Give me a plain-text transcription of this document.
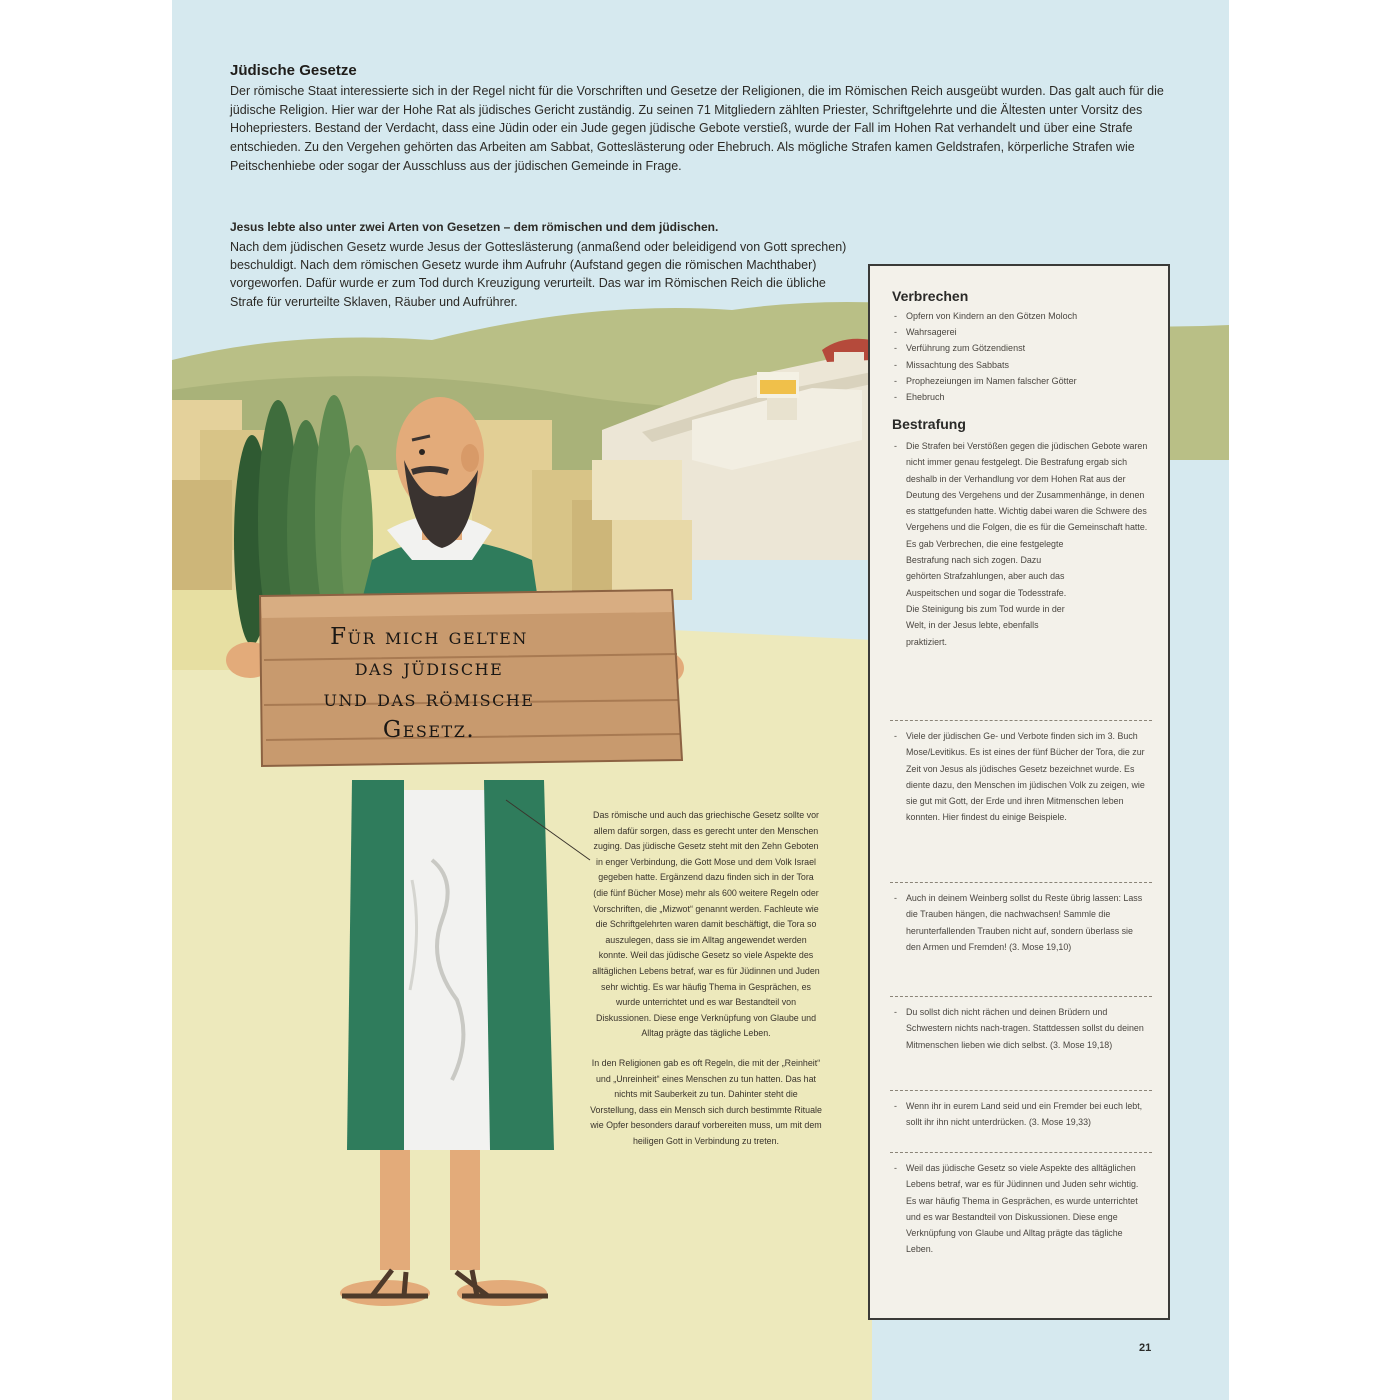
Jüdische Gesetze
Der römische Staat interessierte sich in der Regel nicht für die Vorschriften und Gesetze der Religionen, die im Römischen Reich ausgeübt wurden. Das galt auch für die jüdische Religion. Hier war der Hohe Rat als jüdisches Gericht zuständig. Zu seinen 71 Mitgliedern zählten Priester, Schriftgelehrte und die Ältesten unter Vorsitz des Hohepriesters. Bestand der Verdacht, dass eine Jüdin oder ein Jude gegen jüdische Gebote verstieß, wurde der Fall im Hohen Rat verhandelt und über eine Strafe entschieden. Zu den Vergehen gehörten das Arbeiten am Sabbat, Gotteslästerung oder Ehebruch. Als mögliche Strafen kamen Geldstrafen, körperliche Strafen wie Peitschenhiebe oder sogar der Ausschluss aus der jüdischen Gemeinde in Frage.
Jesus lebte also unter zwei Arten von Gesetzen – dem römischen und dem jüdischen.
Nach dem jüdischen Gesetz wurde Jesus der Gotteslästerung (anmaßend oder beleidigend von Gott sprechen) beschuldigt. Nach dem römischen Gesetz wurde ihm Aufruhr (Aufstand gegen die römischen Machthaber) vorgeworfen. Dafür wurde er zum Tod durch Kreuzigung verurteilt. Das war im Römischen Reich die übliche Strafe für verurteilte Sklaven, Räuber und Aufrührer.
Für mich gelten
das jüdische
und das römische
Gesetz.

Das römische und auch das griechische Gesetz sollte vor allem dafür sorgen, dass es gerecht unter den Menschen zuging. Das jüdische Gesetz steht mit den Zehn Geboten in enger Verbindung, die Gott Mose und dem Volk Israel gegeben hatte. Ergänzend dazu finden sich in der Tora (die fünf Bücher Mose) mehr als 600 weitere Regeln oder Vorschriften, die „Mizwot“ genannt werden. Fachleute wie die Schriftgelehrten waren damit beschäftigt, die Tora so auszulegen, dass sie im Alltag angewendet werden konnte. Weil das jüdische Gesetz so viele Aspekte des alltäglichen Lebens betraf, war es für Jüdinnen und Juden sehr wichtig. Es war häufig Thema in Gesprächen, es wurde unterrichtet und es war Bestandteil von Diskussionen. Diese enge Verknüpfung von Glaube und Alltag prägte das tägliche Leben.

In den Religionen gab es oft Regeln, die mit der „Reinheit“ und „Unreinheit“ eines Menschen zu tun hatten. Das hat nichts mit Sauberkeit zu tun. Dahinter steht die Vorstellung, dass ein Mensch sich durch bestimmte Rituale wie Opfer besonders darauf vorbereiten muss, um mit dem heiligen Gott in Verbindung zu treten.

Verbrechen
- Opfern von Kindern an den Götzen Moloch
- Wahrsagerei
- Verführung zum Götzendienst
- Missachtung des Sabbats
- Prophezeiungen im Namen falscher Götter
- Ehebruch
Bestrafung
- Die Strafen bei Verstößen gegen die jüdischen Gebote waren nicht immer genau festgelegt. Die Bestrafung ergab sich deshalb in der Verhandlung vor dem Hohen Rat aus der Deutung des Vergehens und der Zusammenhänge, in denen es stattgefunden hatte. Wichtig dabei waren die Schwere des Vergehens und die Folgen, die es für die Gemeinschaft hatte.
Es gab Verbrechen, die eine festgelegte Bestrafung nach sich zogen. Dazu gehörten Strafzahlungen, aber auch das Auspeitschen und sogar die Todesstrafe. Die Steinigung bis zum Tod wurde in der Welt, in der Jesus lebte, ebenfalls praktiziert.
- Viele der jüdischen Ge- und Verbote finden sich im 3. Buch Mose/Levitikus. Es ist eines der fünf Bücher der Tora, die zur Zeit von Jesus als jüdisches Gesetz bezeichnet wurde. Es diente dazu, den Menschen im jüdischen Volk zu zeigen, wie sie gut mit Gott, der Erde und ihren Mitmenschen leben konnten. Hier findest du einige Beispiele.
- Auch in deinem Weinberg sollst du Reste übrig lassen: Lass die Trauben hängen, die nachwachsen! Sammle die herunterfallenden Trauben nicht auf, sondern überlass sie den Armen und Fremden! (3. Mose 19,10)
- Du sollst dich nicht rächen und deinen Brüdern und Schwestern nichts nach-tragen. Stattdessen sollst du deinen Mitmenschen lieben wie dich selbst. (3. Mose 19,18)
- Wenn ihr in eurem Land seid und ein Fremder bei euch lebt, sollt ihr ihn nicht unterdrücken. (3. Mose 19,33)
- Weil das jüdische Gesetz so viele Aspekte des alltäglichen Lebens betraf, war es für Jüdinnen und Juden sehr wichtig. Es war häufig Thema in Gesprächen, es wurde unterrichtet und es war Bestandteil von Diskussionen. Diese enge Verknüpfung von Glaube und Alltag prägte das tägliche Leben.
21
